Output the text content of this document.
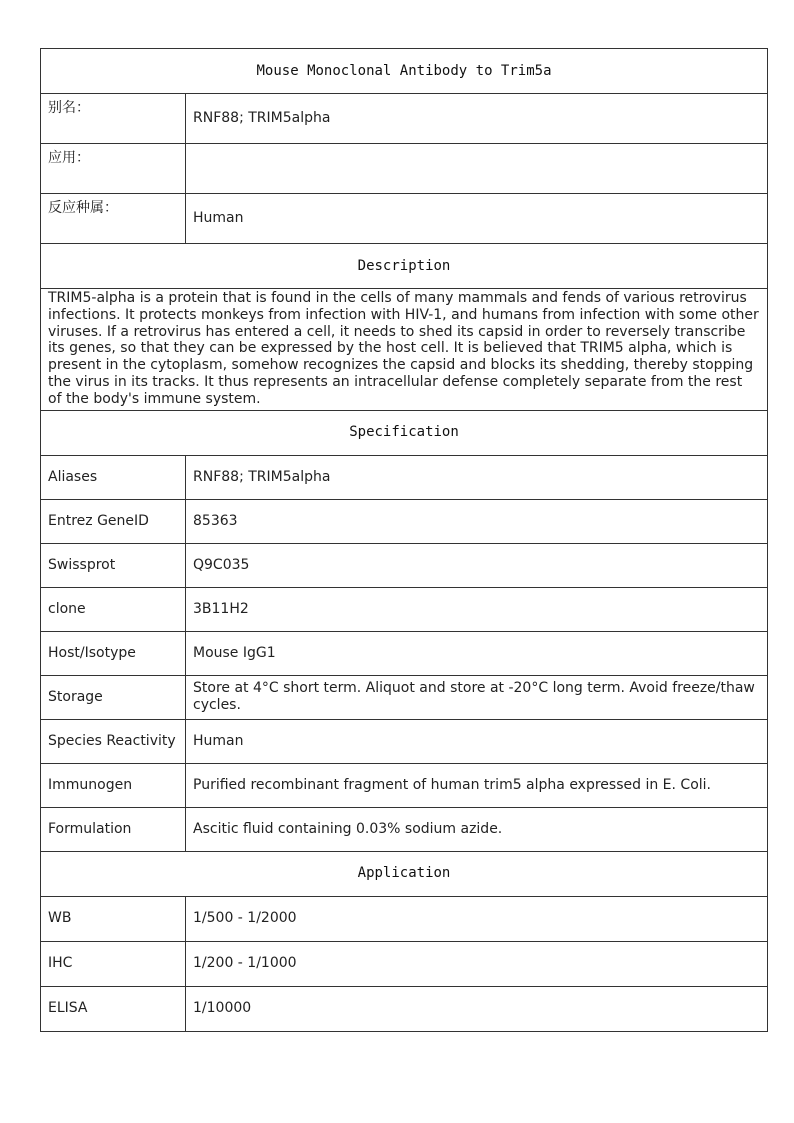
Mouse Monoclonal Antibody to Trim5a	
别名：	RNF88; TRIM5alpha
应用：	
反应种属：	Human
Description	
TRIM5-alpha is a protein that is found in the cells of many mammals and fends of various retrovirus infections. It protects monkeys from infection with HIV-1, and humans from infection with some other viruses. If a retrovirus has entered a cell, it needs to shed its capsid in order to reversely transcribe its genes, so that they can be expressed by the host cell. It is believed that TRIM5 alpha, which is present in the cytoplasm, somehow recognizes the capsid and blocks its shedding, thereby stopping the virus in its tracks. It thus represents an intracellular defense completely separate from the rest of the body's immune system.	
Specification	
Aliases	RNF88; TRIM5alpha
Entrez GeneID	85363
Swissprot	Q9C035
clone	3B11H2
Host/Isotype	Mouse IgG1
Storage	Store at 4°C short term. Aliquot and store at -20°C long term. Avoid freeze/thaw cycles.
Species Reactivity	Human
Immunogen	Purified recombinant fragment of human trim5 alpha expressed in E. Coli.
Formulation	Ascitic fluid containing 0.03% sodium azide.
Application	
WB	1/500 - 1/2000
IHC	1/200 - 1/1000
ELISA	1/10000
